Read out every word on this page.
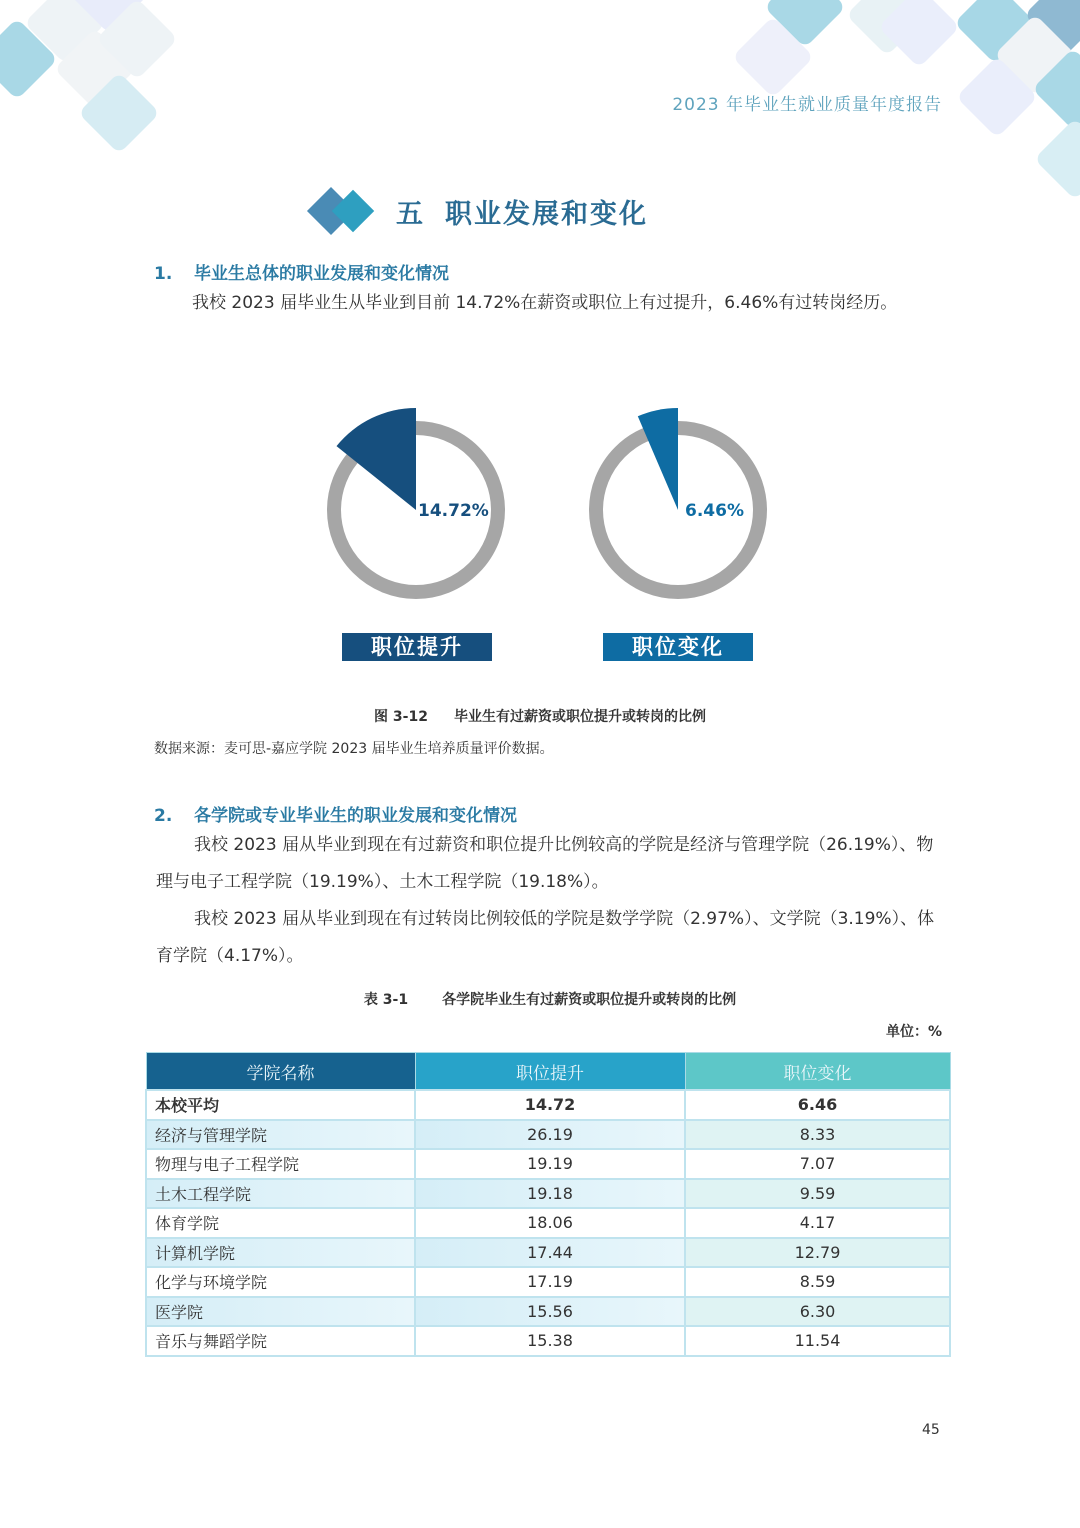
2023 年毕业生就业质量年度报告
五 职业发展和变化
1. 毕业生总体的职业发展和变化情况
我校 2023 届毕业生从毕业到目前 14.72%在薪资或职位上有过提升，6.46%有过转岗经历。
14.72%
职位提升
6.46%
职位变化
图 3-12 毕业生有过薪资或职位提升或转岗的比例
数据来源：麦可思-嘉应学院 2023 届毕业生培养质量评价数据。
2. 各学院或专业毕业生的职业发展和变化情况
我校 2023 届从毕业到现在有过薪资和职位提升比例较高的学院是经济与管理学院（26.19%）、物理与电子工程学院（19.19%）、土木工程学院（19.18%）。
我校 2023 届从毕业到现在有过转岗比例较低的学院是数学学院（2.97%）、文学院（3.19%）、体育学院（4.17%）。
表 3-1 各学院毕业生有过薪资或职位提升或转岗的比例
单位：%
学院名称	职位提升	职位变化
本校平均	14.72	6.46
经济与管理学院	26.19	8.33
物理与电子工程学院	19.19	7.07
土木工程学院	19.18	9.59
体育学院	18.06	4.17
计算机学院	17.44	12.79
化学与环境学院	17.19	8.59
医学院	15.56	6.30
音乐与舞蹈学院	15.38	11.54
45
